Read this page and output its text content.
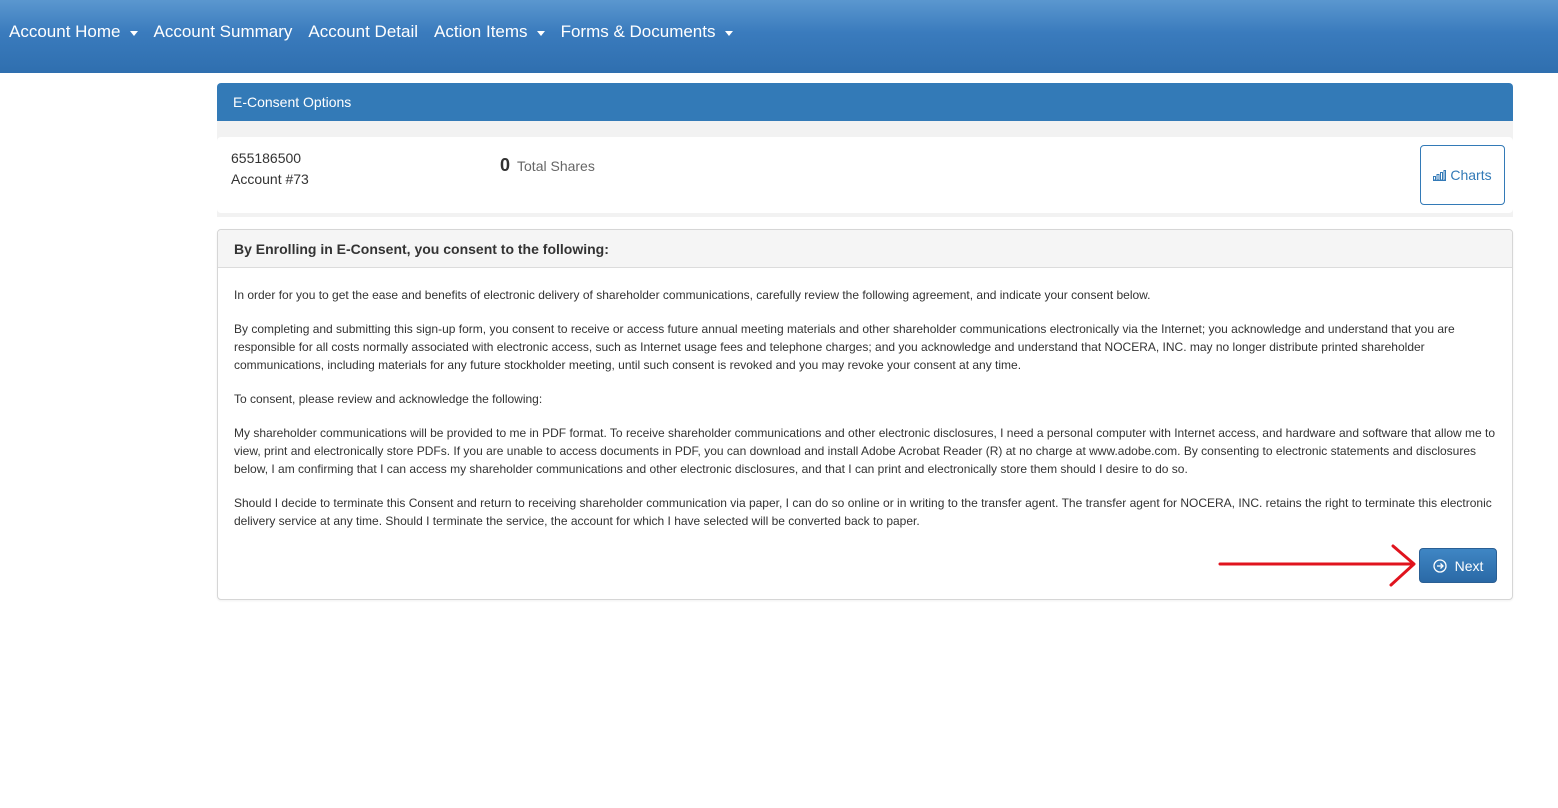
Account Home Account Summary Account Detail Action Items Forms & Documents
E-Consent Options
655186500
Account #73
0 Total Shares
Charts
By Enrolling in E-Consent, you consent to the following:

In order for you to get the ease and benefits of electronic delivery of shareholder communications, carefully review the following agreement, and indicate your consent below.

By completing and submitting this sign-up form, you consent to receive or access future annual meeting materials and other shareholder communications electronically via the Internet; you acknowledge and understand that you are responsible for all costs normally associated with electronic access, such as Internet usage fees and telephone charges; and you acknowledge and understand that NOCERA, INC. may no longer distribute printed shareholder communications, including materials for any future stockholder meeting, until such consent is revoked and you may revoke your consent at any time.

To consent, please review and acknowledge the following:

My shareholder communications will be provided to me in PDF format. To receive shareholder communications and other electronic disclosures, I need a personal computer with Internet access, and hardware and software that allow me to view, print and electronically store PDFs. If you are unable to access documents in PDF, you can download and install Adobe Acrobat Reader (R) at no charge at www.adobe.com. By consenting to electronic statements and disclosures below, I am confirming that I can access my shareholder communications and other electronic disclosures, and that I can print and electronically store them should I desire to do so.

Should I decide to terminate this Consent and return to receiving shareholder communication via paper, I can do so online or in writing to the transfer agent. The transfer agent for NOCERA, INC. retains the right to terminate this electronic delivery service at any time. Should I terminate the service, the account for which I have selected will be converted back to paper.

Next
